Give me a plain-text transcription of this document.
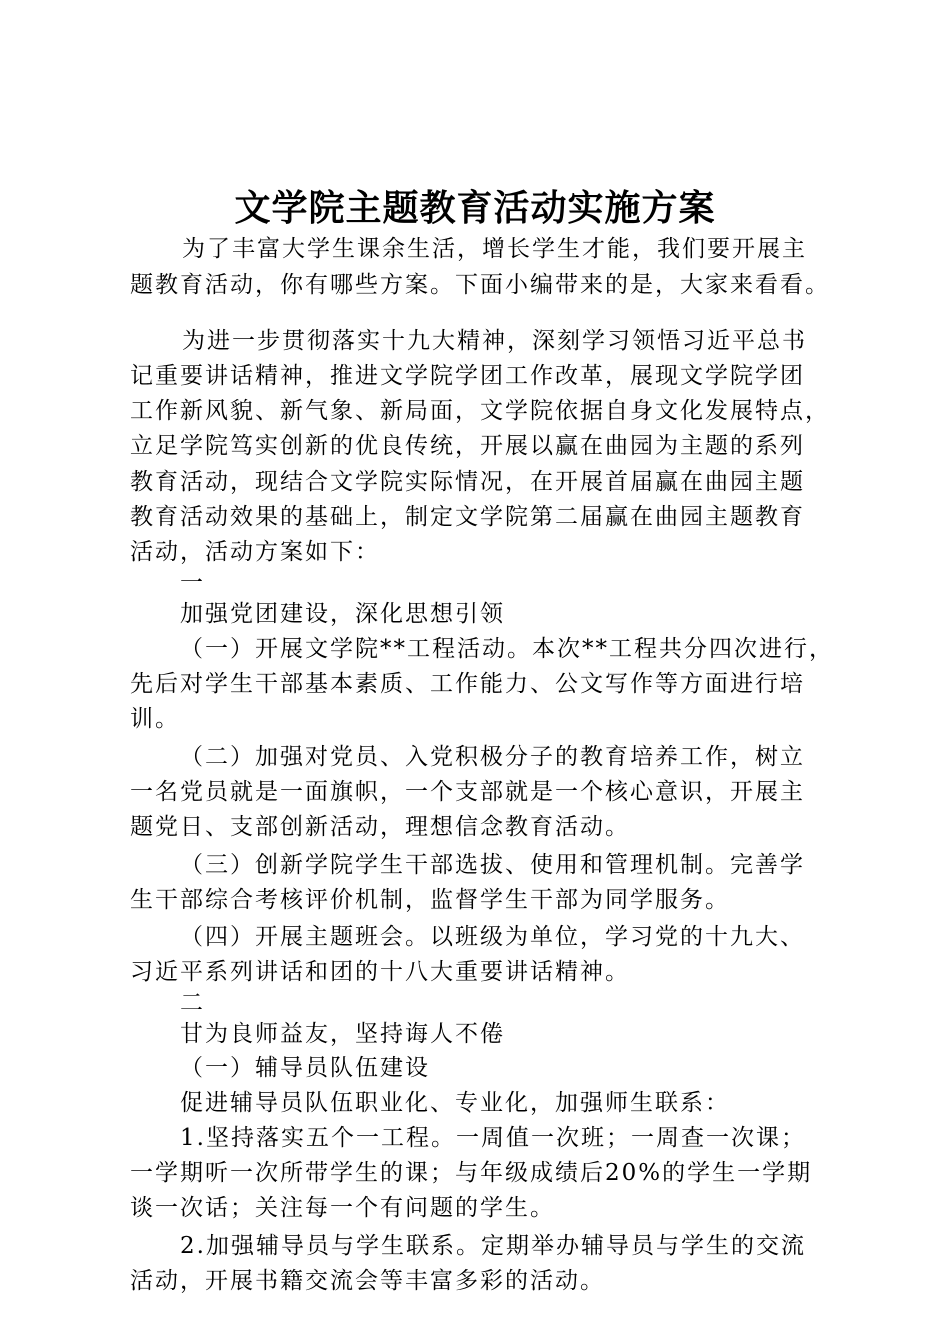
文学院主题教育活动实施方案
为了丰富大学生课余生活，增长学生才能，我们要开展主
题教育活动，你有哪些方案。下面小编带来的是，大家来看看。
为进一步贯彻落实十九大精神，深刻学习领悟习近平总书
记重要讲话精神，推进文学院学团工作改革，展现文学院学团
工作新风貌、新气象、新局面，文学院依据自身文化发展特点，
立足学院笃实创新的优良传统，开展以赢在曲园为主题的系列
教育活动，现结合文学院实际情况，在开展首届赢在曲园主题
教育活动效果的基础上，制定文学院第二届赢在曲园主题教育
活动，活动方案如下：
一
加强党团建设，深化思想引领
（一）开展文学院**工程活动。本次**工程共分四次进行，
先后对学生干部基本素质、工作能力、公文写作等方面进行培
训。
（二）加强对党员、入党积极分子的教育培养工作，树立
一名党员就是一面旗帜，一个支部就是一个核心意识，开展主
题党日、支部创新活动，理想信念教育活动。
（三）创新学院学生干部选拔、使用和管理机制。完善学
生干部综合考核评价机制，监督学生干部为同学服务。
（四）开展主题班会。以班级为单位，学习党的十九大、
习近平系列讲话和团的十八大重要讲话精神。
二
甘为良师益友，坚持诲人不倦
（一）辅导员队伍建设
促进辅导员队伍职业化、专业化，加强师生联系：
1.坚持落实五个一工程。一周值一次班；一周查一次课；
一学期听一次所带学生的课；与年级成绩后20%的学生一学期
谈一次话；关注每一个有问题的学生。
2.加强辅导员与学生联系。定期举办辅导员与学生的交流
活动，开展书籍交流会等丰富多彩的活动。
